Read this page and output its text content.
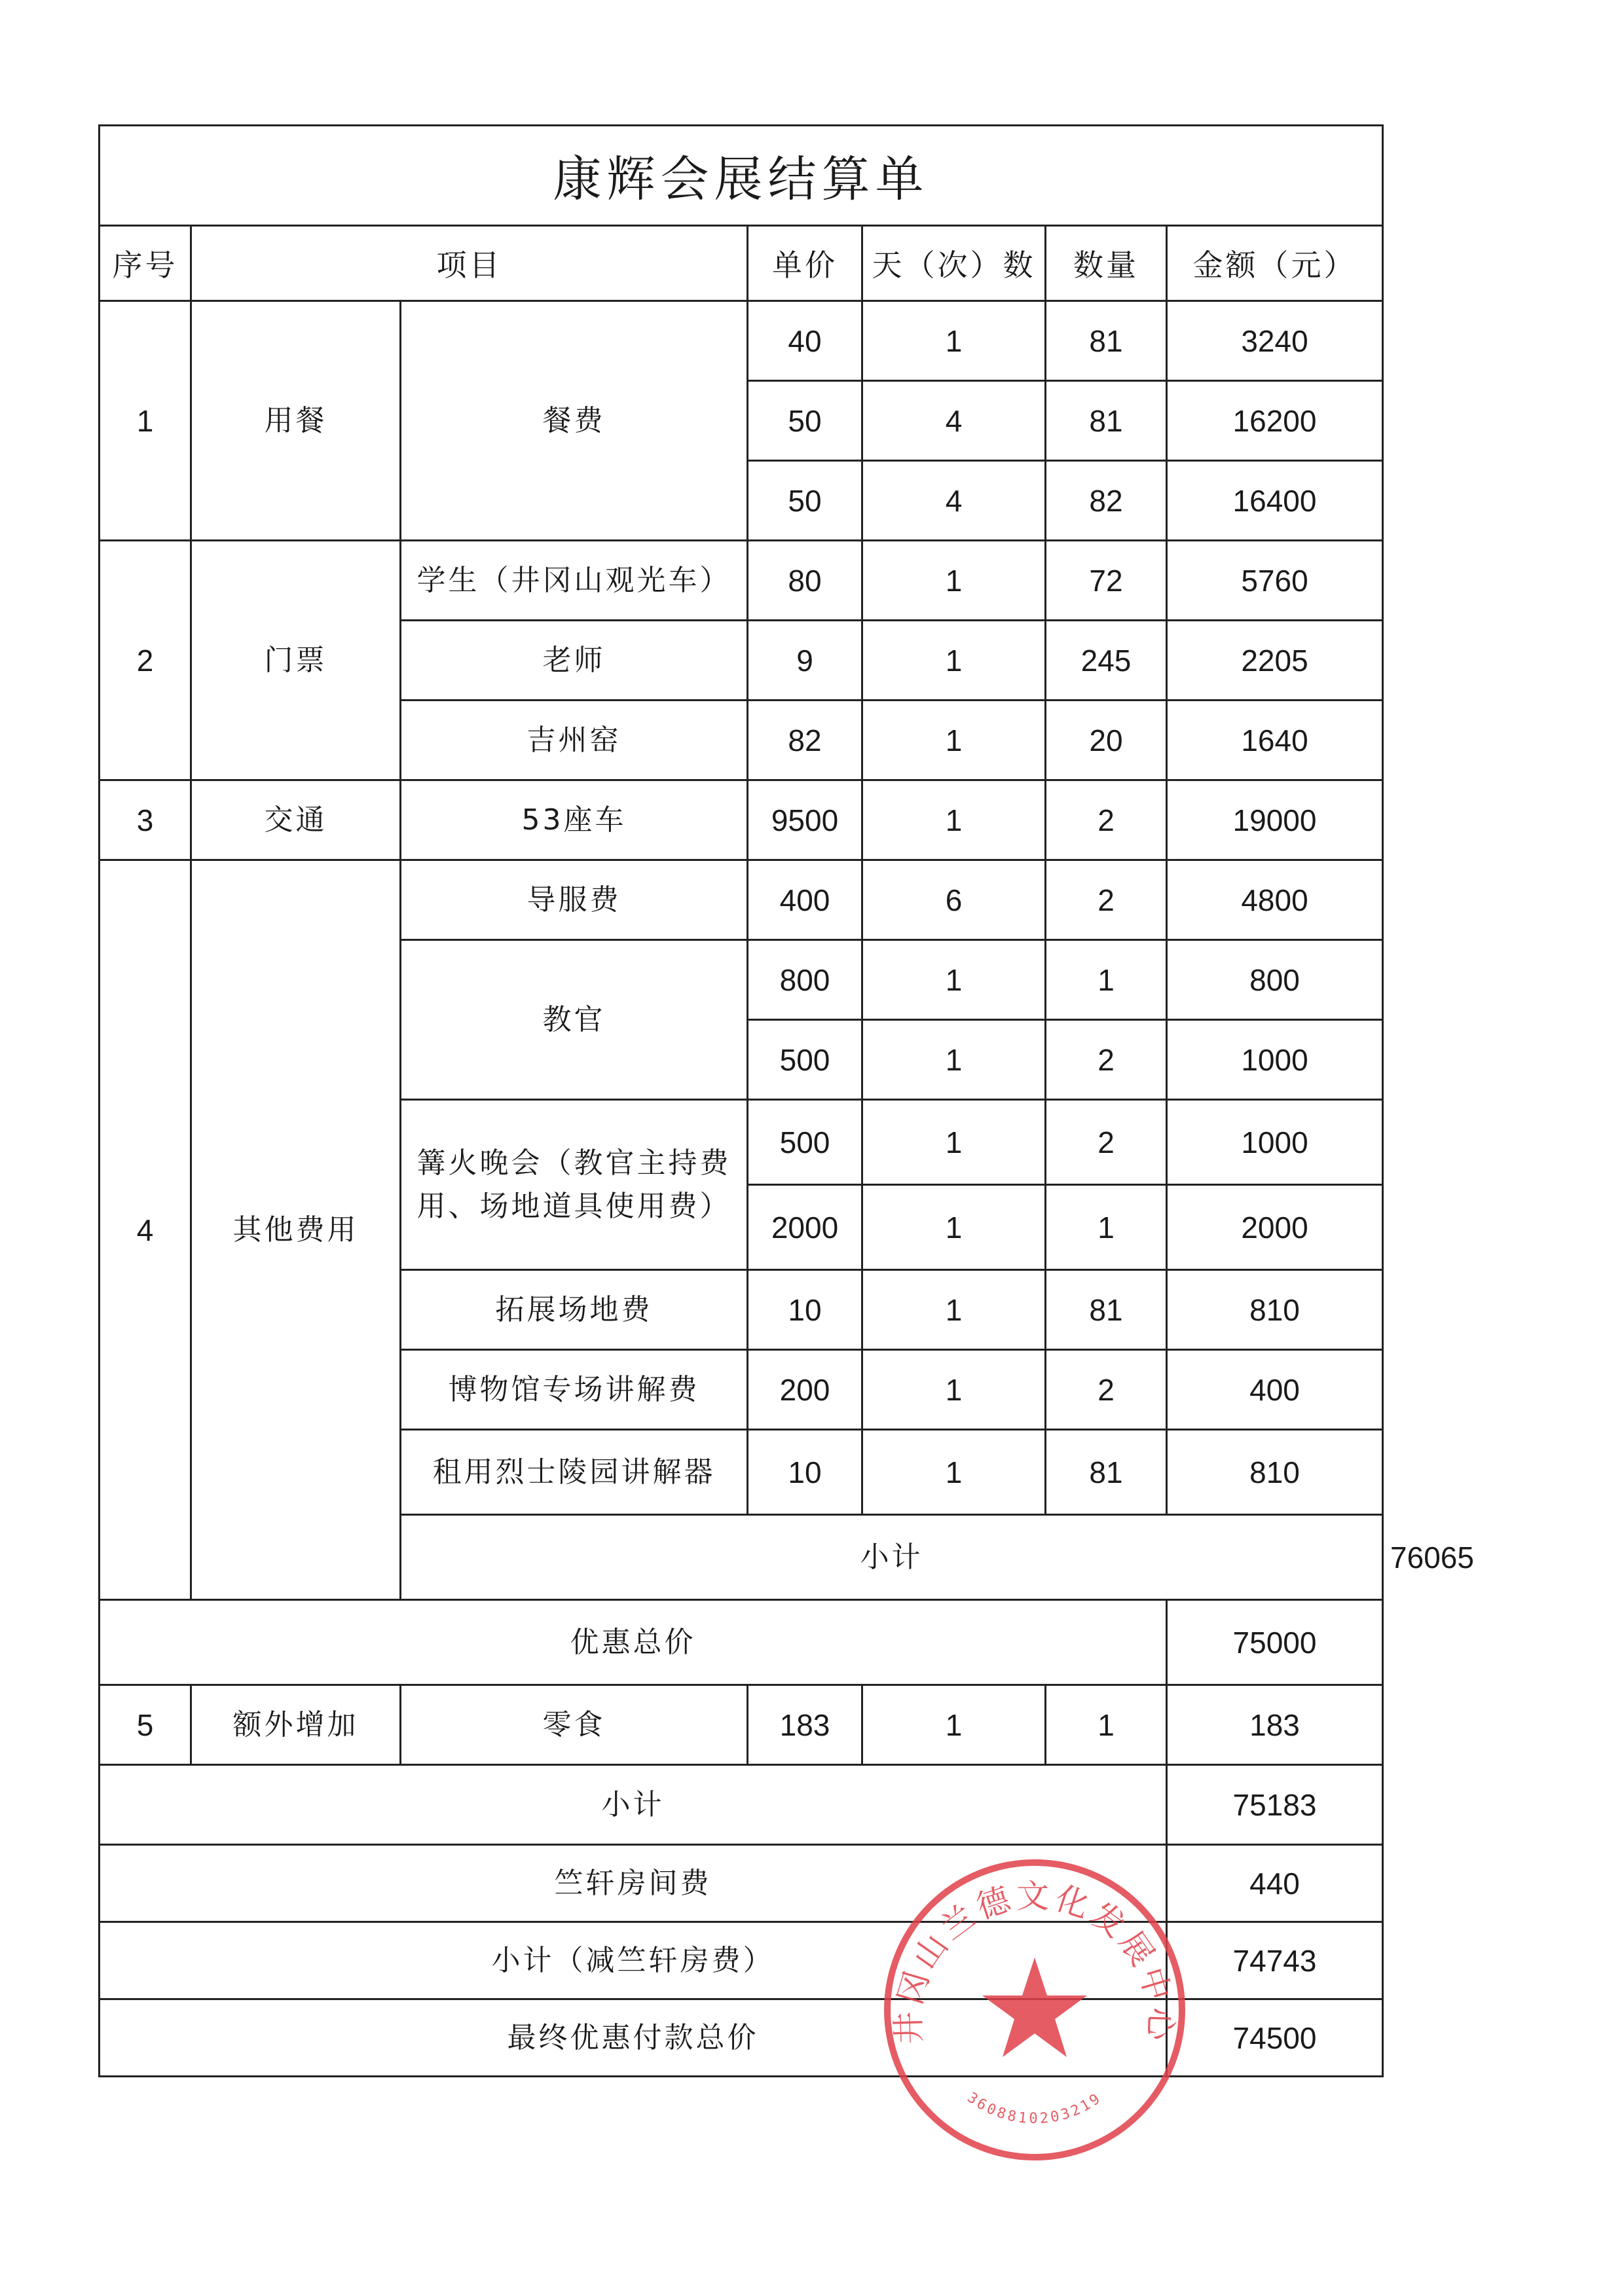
康辉会展结算单							
序号	项目		单价	天（次）数	数量	金额（元）	
1	用餐	餐费	40	1	81	3240	
			50	4	81	16200	
			50	4	82	16400	
2	门票	学生（井冈山观光车）	80	1	72	5760	
		老师	9	1	245	2205	
		吉州窑	82	1	20	1640	
3	交通	53座车	9500	1	2	19000	
4	其他费用	导服费	400	6	2	4800	
		教官	800	1	1	800	
			500	1	2	1000	
		篝火晚会（教官主持费用、场地道具使用费）	500	1	2	1000	
			2000	1	1	2000	
		拓展场地费	10	1	81	810	
		博物馆专场讲解费	200	1	2	400	
		租用烈士陵园讲解器	10	1	81	810	
		小计					76065
优惠总价						75000	
5	额外增加	零食	183	1	1	183	
小计						75183	
竺轩房间费						440	
小计（减竺轩房费）						74743	
最终优惠付款总价						74500	
井冈山兰德文化发展中心
3608810203219
